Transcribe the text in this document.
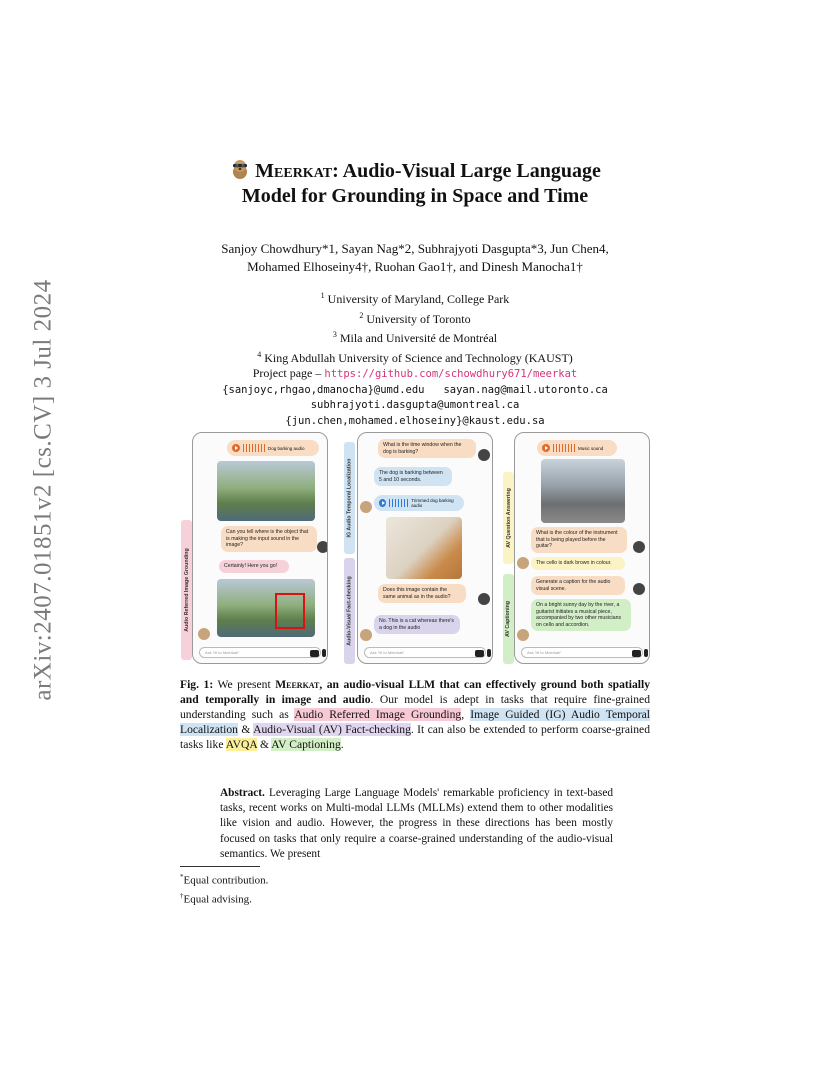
arXiv:2407.01851v2 [cs.CV] 3 Jul 2024
Meerkat: Audio-Visual Large Language
Model for Grounding in Space and Time
Sanjoy Chowdhury*1, Sayan Nag*2, Subhrajyoti Dasgupta*3, Jun Chen4,
Mohamed Elhoseiny4†, Ruohan Gao1†, and Dinesh Manocha1†
$^1$ University of Maryland, College Park
$^2$ University of Toronto
$^3$ Mila and Université de Montréal
$^4$ King Abdullah University of Science and Technology (KAUST)
Project page – https://github.com/schowdhury671/meerkat
{sanjoyc,rhgao,dmanocha}@umd.edu   sayan.nag@mail.utoronto.ca
subhrajyoti.dasgupta@umontreal.ca
{jun.chen,mohamed.elhoseiny}@kaust.edu.sa
Audio Referred Image Grounding
Dog barking audio
Can you tell where is the object that is making the input sound in the image?
Certainly! Here you go!
Ask 'Hi to Meerkat!'
IG Audio Temporal Localization
Audio-Visual Fact-checking
What is the time window when the dog is barking?
The dog is barking between 5 and 10 seconds.
Trimmed dog barking audio
Does this image contain the same animal as in the audio?
No. This is a cat whereas there's a dog in the audio
Ask 'Hi to Meerkat!'
AV Question Answering
AV Captioning
Music sound
What is the colour of the instrument that is being played before the guitar?
The cello is dark brown in colour.
Generate a caption for the audio visual scene.
On a bright sunny day by the river, a guitarist initiates a musical piece, accompanied by two other musicians on cello and accordion.
Ask 'Hi to Meerkat!'
Fig. 1: We present Meerkat, an audio-visual LLM that can effectively ground both spatially and temporally in image and audio. Our model is adept in tasks that require fine-grained understanding such as Audio Referred Image Grounding, Image Guided (IG) Audio Temporal Localization & Audio-Visual (AV) Fact-checking. It can also be extended to perform coarse-grained tasks like AVQA & AV Captioning.
Abstract. Leveraging Large Language Models' remarkable proficiency in text-based tasks, recent works on Multi-modal LLMs (MLLMs) extend them to other modalities like vision and audio. However, the progress in these directions has been mostly focused on tasks that only require a coarse-grained understanding of the audio-visual semantics. We present
*Equal contribution.
†Equal advising.
